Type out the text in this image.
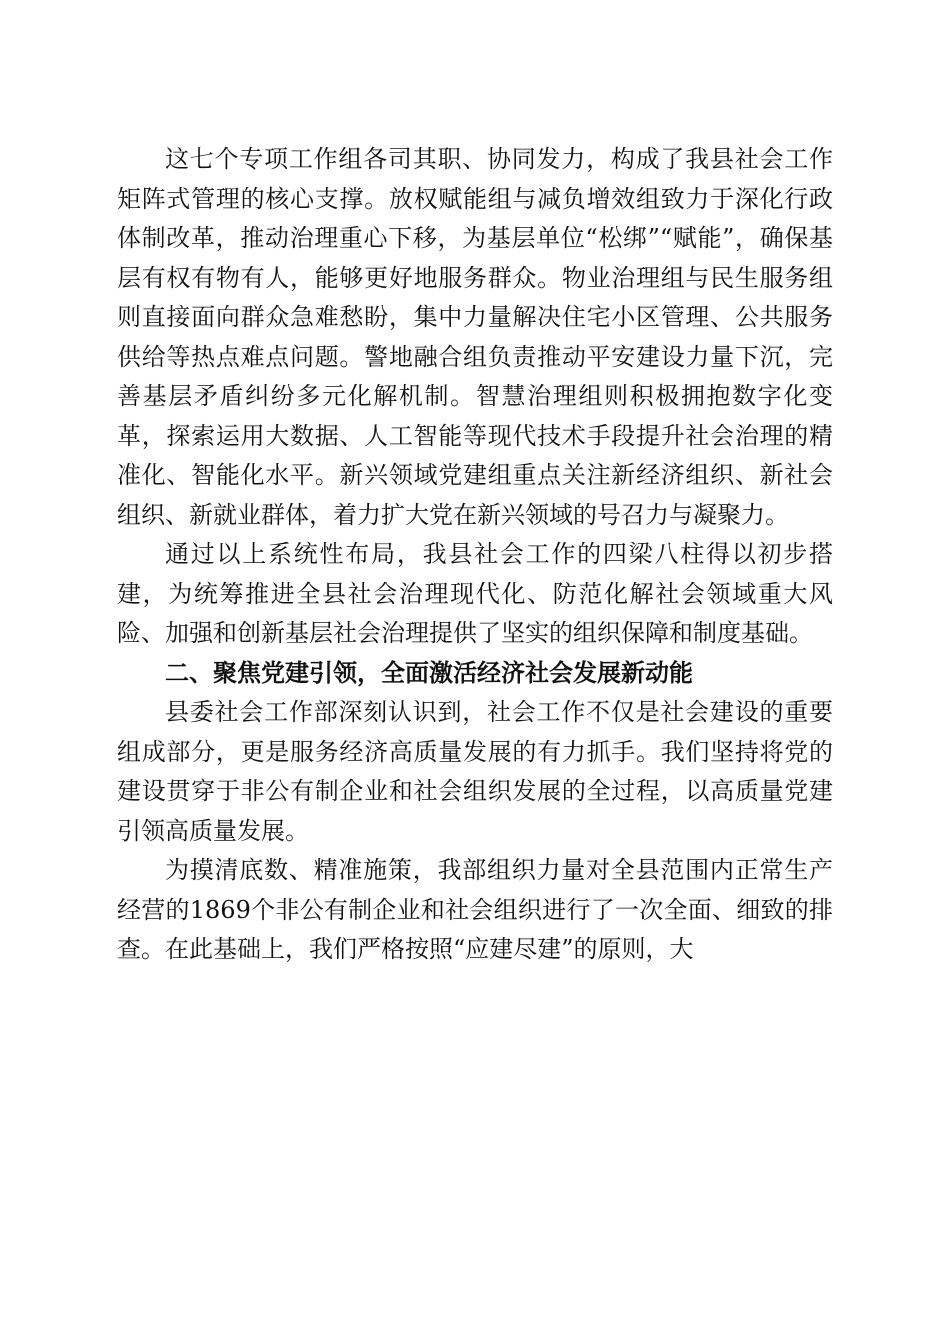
这七个专项工作组各司其职、协同发力，构成了我县社会工作矩阵式管理的核心支撑。放权赋能组与减负增效组致力于深化行政体制改革，推动治理重心下移，为基层单位“松绑”“赋能”，确保基层有权有物有人，能够更好地服务群众。物业治理组与民生服务组则直接面向群众急难愁盼，集中力量解决住宅小区管理、公共服务供给等热点难点问题。警地融合组负责推动平安建设力量下沉，完善基层矛盾纠纷多元化解机制。智慧治理组则积极拥抱数字化变革，探索运用大数据、人工智能等现代技术手段提升社会治理的精准化、智能化水平。新兴领域党建组重点关注新经济组织、新社会组织、新就业群体，着力扩大党在新兴领域的号召力与凝聚力。

通过以上系统性布局，我县社会工作的四梁八柱得以初步搭建，为统筹推进全县社会治理现代化、防范化解社会领域重大风险、加强和创新基层社会治理提供了坚实的组织保障和制度基础。

二、聚焦党建引领，全面激活经济社会发展新动能

县委社会工作部深刻认识到，社会工作不仅是社会建设的重要组成部分，更是服务经济高质量发展的有力抓手。我们坚持将党的建设贯穿于非公有制企业和社会组织发展的全过程，以高质量党建引领高质量发展。

为摸清底数、精准施策，我部组织力量对全县范围内正常生产经营的1869个非公有制企业和社会组织进行了一次全面、细致的排查。在此基础上，我们严格按照“应建尽建”的原则，大
